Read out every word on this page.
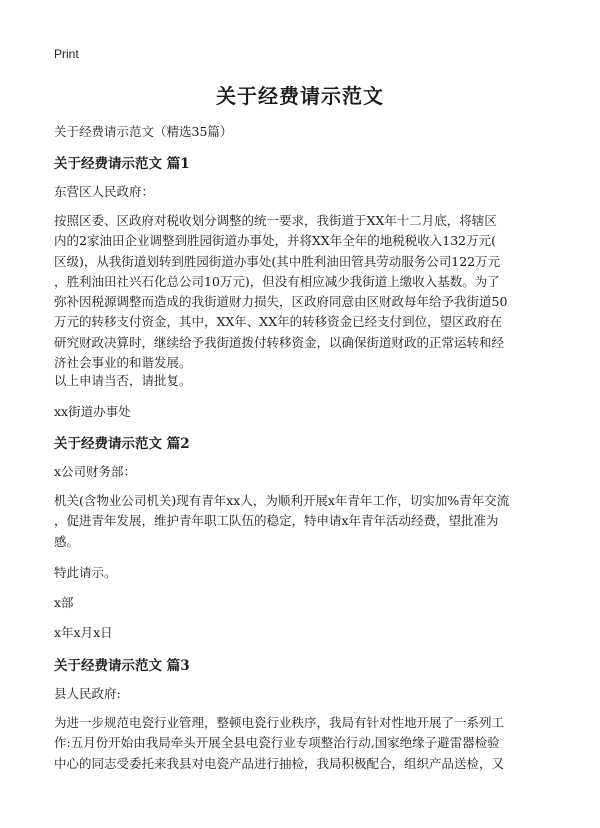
Print
关于经费请示范文
关于经费请示范文（精选35篇）
关于经费请示范文 篇1
东营区人民政府：
按照区委、区政府对税收划分调整的统一要求，我街道于XX年十二月底，将辖区
内的2家油田企业调整到胜园街道办事处，并将XX年全年的地税税收入132万元(
区级)，从我街道划转到胜园街道办事处(其中胜利油田管具劳动服务公司122万元
，胜利油田社兴石化总公司10万元)，但没有相应减少我街道上缴收入基数。为了
弥补因税源调整而造成的我街道财力损失，区政府同意由区财政每年给予我街道50
万元的转移支付资金，其中，XX年、XX年的转移资金已经支付到位，望区政府在
研究财政决算时，继续给予我街道拨付转移资金，以确保街道财政的正常运转和经
济社会事业的和谐发展。
以上申请当否，请批复。
xx街道办事处
关于经费请示范文 篇2
x公司财务部：
机关(含物业公司机关)现有青年xx人，为顺利开展x年青年工作，切实加%青年交流
，促进青年发展，维护青年职工队伍的稳定，特申请x年青年活动经费，望批准为
感。
特此请示。
x部
x年x月x日
关于经费请示范文 篇3
县人民政府:
为进一步规范电瓷行业管理，整顿电瓷行业秩序，我局有针对性地开展了一系列工
作:五月份开始由我局牵头开展全县电瓷行业专项整治行动,国家绝缘子避雷器检验
中心的同志受委托来我县对电瓷产品进行抽检，我局积极配合，组织产品送检，又
